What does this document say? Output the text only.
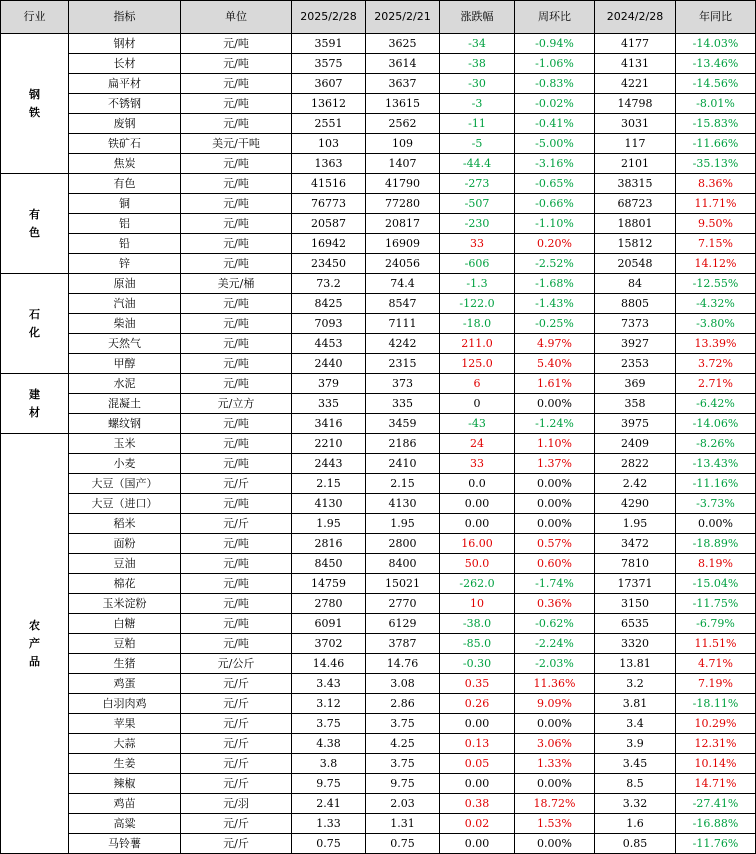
行业	指标	单位	2025/2/28	2025/2/21	涨跌幅	周环比	2024/2/28	年同比

钢
铁	钢材	元/吨	3591	3625	-34	-0.94%	4177	-14.03%
	长材	元/吨	3575	3614	-38	-1.06%	4131	-13.46%
	扁平材	元/吨	3607	3637	-30	-0.83%	4221	-14.56%
	不锈钢	元/吨	13612	13615	-3	-0.02%	14798	-8.01%
	废钢	元/吨	2551	2562	-11	-0.41%	3031	-15.83%
	铁矿石	美元/干吨	103	109	-5	-5.00%	117	-11.66%
	焦炭	元/吨	1363	1407	-44.4	-3.16%	2101	-35.13%

有
色	有色	元/吨	41516	41790	-273	-0.65%	38315	8.36%
	铜	元/吨	76773	77280	-507	-0.66%	68723	11.71%
	铝	元/吨	20587	20817	-230	-1.10%	18801	9.50%
	铅	元/吨	16942	16909	33	0.20%	15812	7.15%
	锌	元/吨	23450	24056	-606	-2.52%	20548	14.12%

石
化	原油	美元/桶	73.2	74.4	-1.3	-1.68%	84	-12.55%
	汽油	元/吨	8425	8547	-122.0	-1.43%	8805	-4.32%
	柴油	元/吨	7093	7111	-18.0	-0.25%	7373	-3.80%
	天然气	元/吨	4453	4242	211.0	4.97%	3927	13.39%
	甲醇	元/吨	2440	2315	125.0	5.40%	2353	3.72%

建
材	水泥	元/吨	379	373	6	1.61%	369	2.71%
	混凝土	元/立方	335	335	0	0.00%	358	-6.42%
	螺纹钢	元/吨	3416	3459	-43	-1.24%	3975	-14.06%

农
产
品	玉米	元/吨	2210	2186	24	1.10%	2409	-8.26%
	小麦	元/吨	2443	2410	33	1.37%	2822	-13.43%
	大豆（国产）	元/斤	2.15	2.15	0.0	0.00%	2.42	-11.16%
	大豆（进口）	元/吨	4130	4130	0.00	0.00%	4290	-3.73%
	稻米	元/斤	1.95	1.95	0.00	0.00%	1.95	0.00%
	面粉	元/吨	2816	2800	16.00	0.57%	3472	-18.89%
	豆油	元/吨	8450	8400	50.0	0.60%	7810	8.19%
	棉花	元/吨	14759	15021	-262.0	-1.74%	17371	-15.04%
	玉米淀粉	元/吨	2780	2770	10	0.36%	3150	-11.75%
	白糖	元/吨	6091	6129	-38.0	-0.62%	6535	-6.79%
	豆粕	元/吨	3702	3787	-85.0	-2.24%	3320	11.51%
	生猪	元/公斤	14.46	14.76	-0.30	-2.03%	13.81	4.71%
	鸡蛋	元/斤	3.43	3.08	0.35	11.36%	3.2	7.19%
	白羽肉鸡	元/斤	3.12	2.86	0.26	9.09%	3.81	-18.11%
	苹果	元/斤	3.75	3.75	0.00	0.00%	3.4	10.29%
	大蒜	元/斤	4.38	4.25	0.13	3.06%	3.9	12.31%
	生姜	元/斤	3.8	3.75	0.05	1.33%	3.45	10.14%
	辣椒	元/斤	9.75	9.75	0.00	0.00%	8.5	14.71%
	鸡苗	元/羽	2.41	2.03	0.38	18.72%	3.32	-27.41%
	高粱	元/斤	1.33	1.31	0.02	1.53%	1.6	-16.88%
	马铃薯	元/斤	0.75	0.75	0.00	0.00%	0.85	-11.76%
